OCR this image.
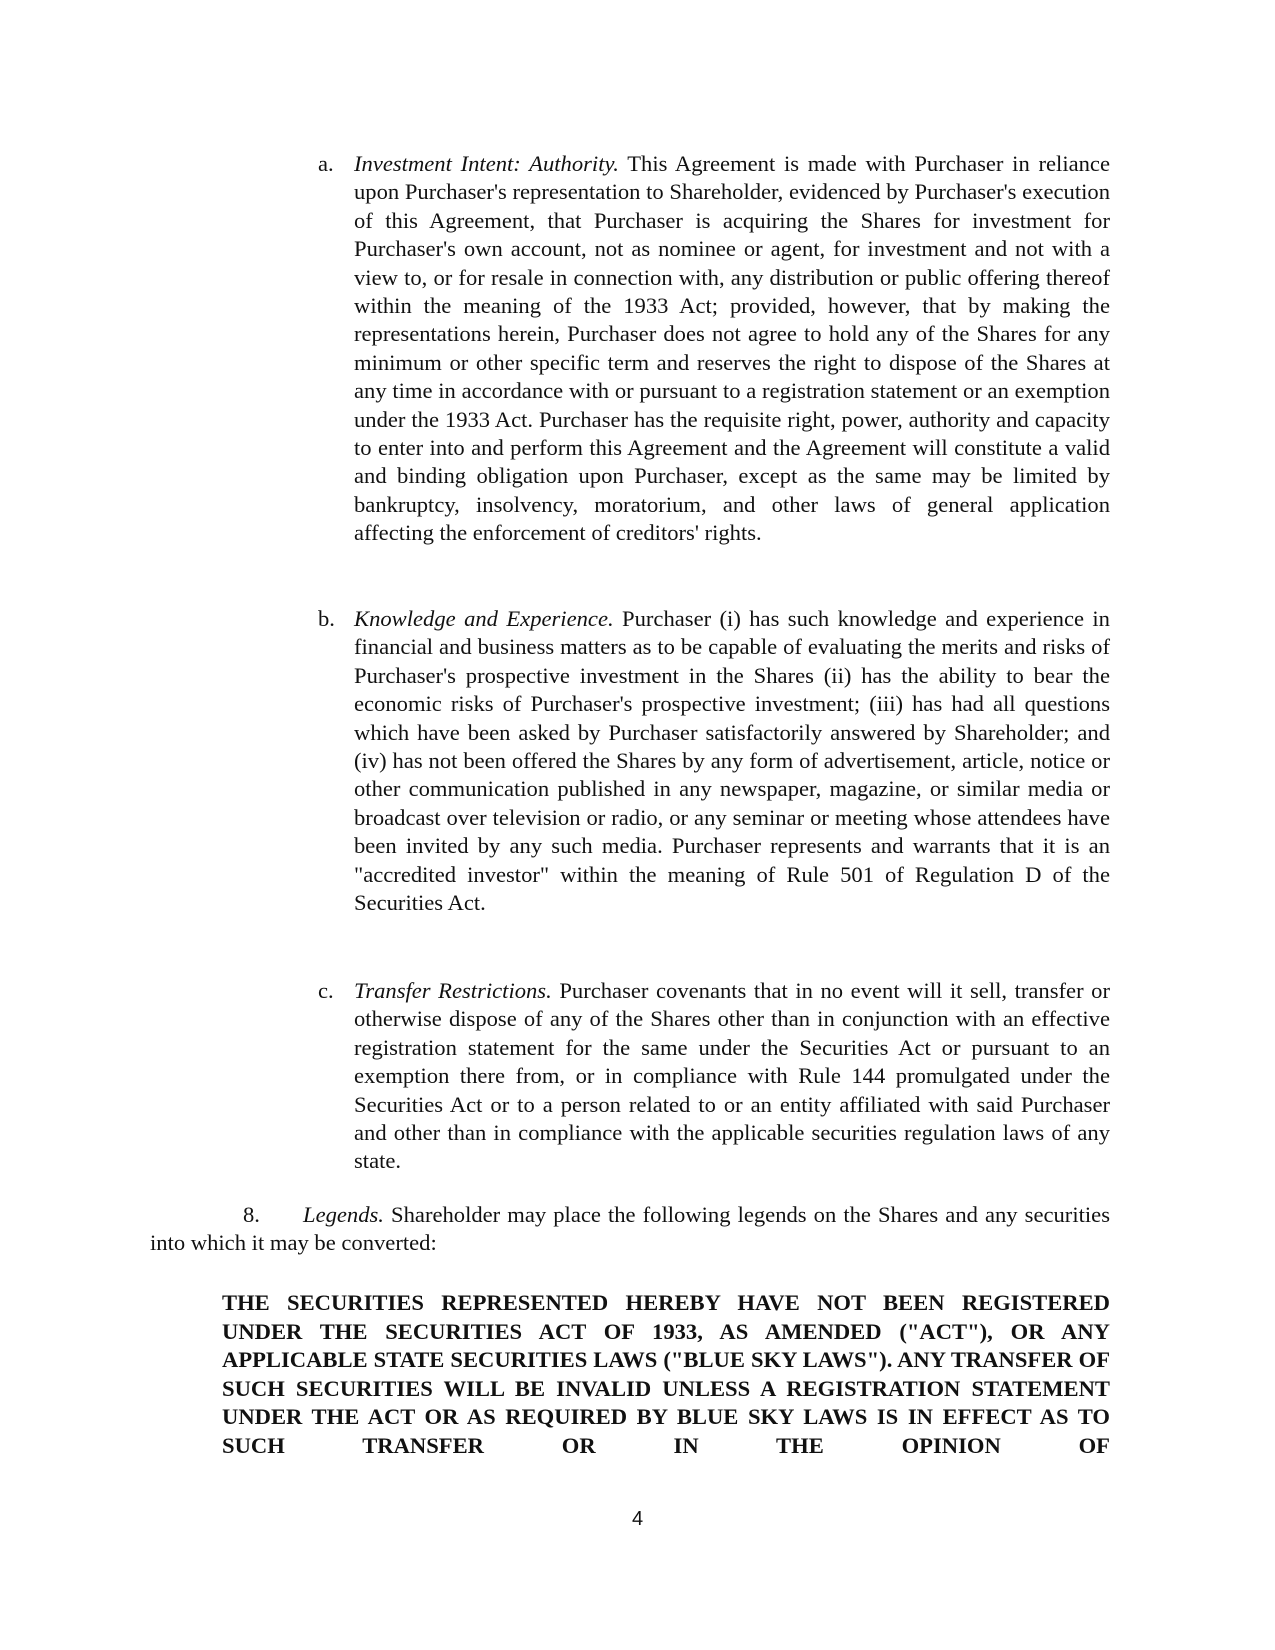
a. Investment Intent: Authority. This Agreement is made with Purchaser in reliance upon Purchaser's representation to Shareholder, evidenced by Purchaser's execution of this Agreement, that Purchaser is acquiring the Shares for investment for Purchaser's own account, not as nominee or agent, for investment and not with a view to, or for resale in connection with, any distribution or public offering thereof within the meaning of the 1933 Act; provided, however, that by making the representations herein, Purchaser does not agree to hold any of the Shares for any minimum or other specific term and reserves the right to dispose of the Shares at any time in accordance with or pursuant to a registration statement or an exemption under the 1933 Act. Purchaser has the requisite right, power, authority and capacity to enter into and perform this Agreement and the Agreement will constitute a valid and binding obligation upon Purchaser, except as the same may be limited by bankruptcy, insolvency, moratorium, and other laws of general application affecting the enforcement of creditors' rights.
b. Knowledge and Experience. Purchaser (i) has such knowledge and experience in financial and business matters as to be capable of evaluating the merits and risks of Purchaser's prospective investment in the Shares (ii) has the ability to bear the economic risks of Purchaser's prospective investment; (iii) has had all questions which have been asked by Purchaser satisfactorily answered by Shareholder; and (iv) has not been offered the Shares by any form of advertisement, article, notice or other communication published in any newspaper, magazine, or similar media or broadcast over television or radio, or any seminar or meeting whose attendees have been invited by any such media. Purchaser represents and warrants that it is an "accredited investor" within the meaning of Rule 501 of Regulation D of the Securities Act.
c. Transfer Restrictions. Purchaser covenants that in no event will it sell, transfer or otherwise dispose of any of the Shares other than in conjunction with an effective registration statement for the same under the Securities Act or pursuant to an exemption there from, or in compliance with Rule 144 promulgated under the Securities Act or to a person related to or an entity affiliated with said Purchaser and other than in compliance with the applicable securities regulation laws of any state.
8. Legends. Shareholder may place the following legends on the Shares and any securities into which it may be converted:
THE SECURITIES REPRESENTED HEREBY HAVE NOT BEEN REGISTERED UNDER THE SECURITIES ACT OF 1933, AS AMENDED ("ACT"), OR ANY APPLICABLE STATE SECURITIES LAWS ("BLUE SKY LAWS"). ANY TRANSFER OF SUCH SECURITIES WILL BE INVALID UNLESS A REGISTRATION STATEMENT UNDER THE ACT OR AS REQUIRED BY BLUE SKY LAWS IS IN EFFECT AS TO SUCH TRANSFER OR IN THE OPINION OF
4
